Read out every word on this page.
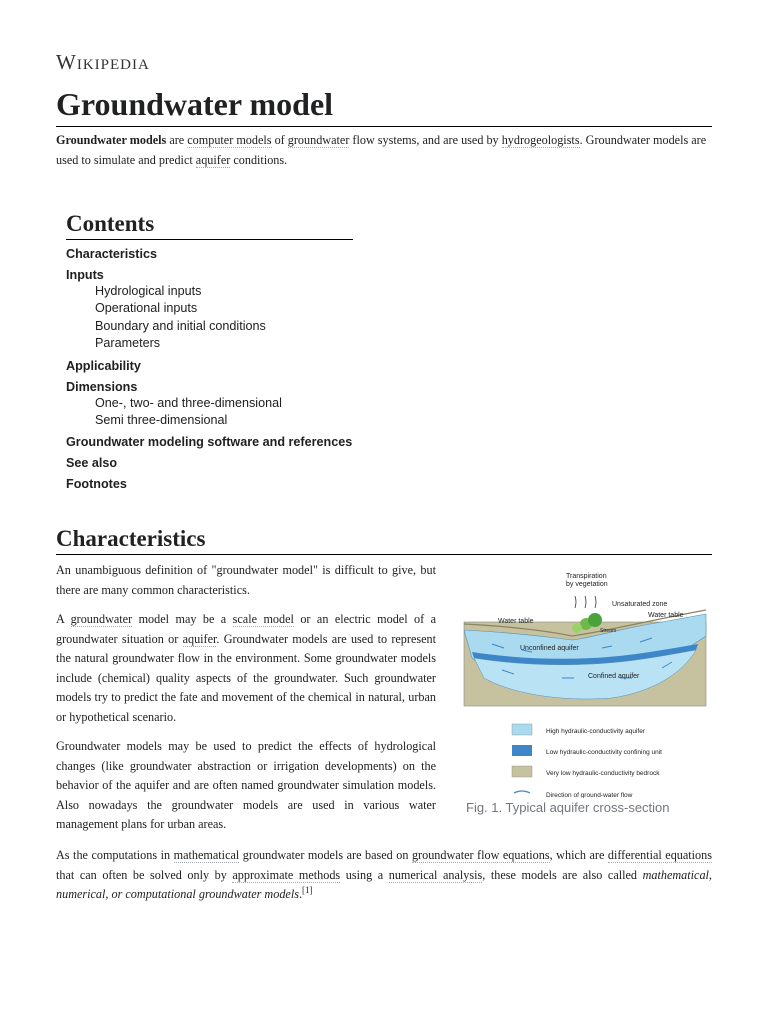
Wikipedia
Groundwater model
Groundwater models are computer models of groundwater flow systems, and are used by hydrogeologists. Groundwater models are used to simulate and predict aquifer conditions.
Contents
Characteristics
Inputs
Hydrological inputs
Operational inputs
Boundary and initial conditions
Parameters
Applicability
Dimensions
One-, two- and three-dimensional
Semi three-dimensional
Groundwater modeling software and references
See also
Footnotes
Characteristics

An unambiguous definition of "groundwater model" is difficult to give, but there are many common characteristics.

A groundwater model may be a scale model or an electric model of a groundwater situation or aquifer. Groundwater models are used to represent the natural groundwater flow in the environment. Some groundwater models include (chemical) quality aspects of the groundwater. Such groundwater models try to predict the fate and movement of the chemical in natural, urban or hypothetical scenario.

Groundwater models may be used to predict the effects of hydrological changes (like groundwater abstraction or irrigation developments) on the behavior of the aquifer and are often named groundwater simulation models. Also nowadays the groundwater models are used in various water management plans for urban areas.

As the computations in mathematical groundwater models are based on groundwater flow equations, which are differential equations that can often be solved only by approximate methods using a numerical analysis, these models are also called mathematical, numerical, or computational groundwater models.[1]

Transpiration
by vegetation
Unsaturated zone
Water table
Water table
Stream
Unconfined aquifer
Confined aquifer
High hydraulic-conductivity aquifer
Low hydraulic-conductivity confining unit
Very low hydraulic-conductivity bedrock
Direction of ground-water flow
Fig. 1. Typical aquifer cross-section
